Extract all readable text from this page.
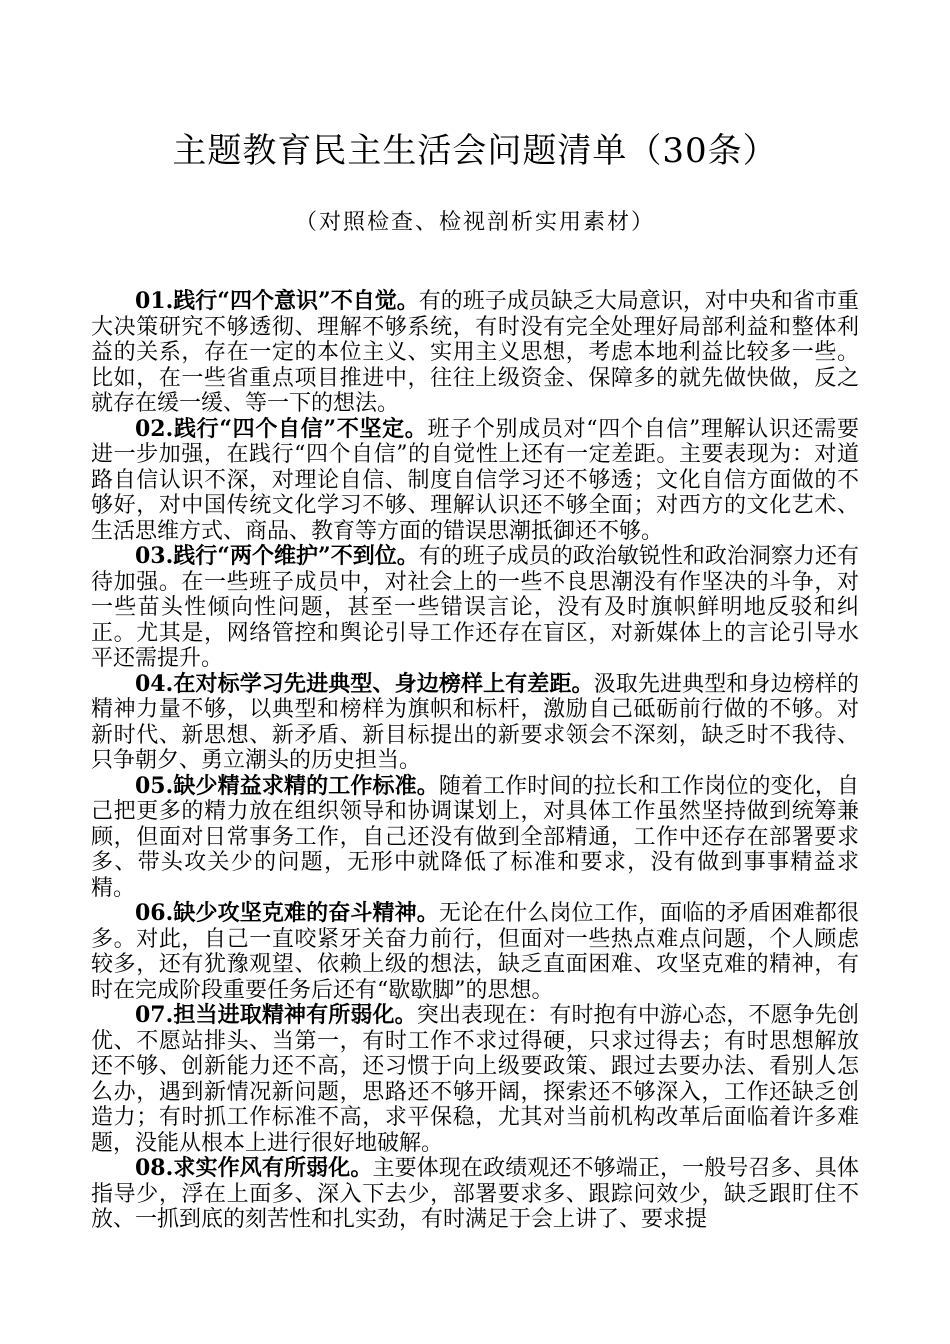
主题教育民主生活会问题清单（30条）
（对照检查、检视剖析实用素材）

01.践行“四个意识”不自觉。有的班子成员缺乏大局意识，对中央和省市重大决策研究不够透彻、理解不够系统，有时没有完全处理好局部利益和整体利益的关系，存在一定的本位主义、实用主义思想，考虑本地利益比较多一些。比如，在一些省重点项目推进中，往往上级资金、保障多的就先做快做，反之就存在缓一缓、等一下的想法。

02.践行“四个自信”不坚定。班子个别成员对“四个自信”理解认识还需要进一步加强，在践行“四个自信”的自觉性上还有一定差距。主要表现为：对道路自信认识不深，对理论自信、制度自信学习还不够透；文化自信方面做的不够好，对中国传统文化学习不够、理解认识还不够全面；对西方的文化艺术、生活思维方式、商品、教育等方面的错误思潮抵御还不够。

03.践行“两个维护”不到位。有的班子成员的政治敏锐性和政治洞察力还有待加强。在一些班子成员中，对社会上的一些不良思潮没有作坚决的斗争，对一些苗头性倾向性问题，甚至一些错误言论，没有及时旗帜鲜明地反驳和纠正。尤其是，网络管控和舆论引导工作还存在盲区，对新媒体上的言论引导水平还需提升。

04.在对标学习先进典型、身边榜样上有差距。汲取先进典型和身边榜样的精神力量不够，以典型和榜样为旗帜和标杆，激励自己砥砺前行做的不够。对新时代、新思想、新矛盾、新目标提出的新要求领会不深刻，缺乏时不我待、只争朝夕、勇立潮头的历史担当。

05.缺少精益求精的工作标准。随着工作时间的拉长和工作岗位的变化，自己把更多的精力放在组织领导和协调谋划上，对具体工作虽然坚持做到统筹兼顾，但面对日常事务工作，自己还没有做到全部精通，工作中还存在部署要求多、带头攻关少的问题，无形中就降低了标准和要求，没有做到事事精益求精。

06.缺少攻坚克难的奋斗精神。无论在什么岗位工作，面临的矛盾困难都很多。对此，自己一直咬紧牙关奋力前行，但面对一些热点难点问题，个人顾虑较多，还有犹豫观望、依赖上级的想法，缺乏直面困难、攻坚克难的精神，有时在完成阶段重要任务后还有“歇歇脚”的思想。

07.担当进取精神有所弱化。突出表现在：有时抱有中游心态，不愿争先创优、不愿站排头、当第一，有时工作不求过得硬，只求过得去；有时思想解放还不够、创新能力还不高，还习惯于向上级要政策、跟过去要办法、看别人怎么办，遇到新情况新问题，思路还不够开阔，探索还不够深入，工作还缺乏创造力；有时抓工作标准不高，求平保稳，尤其对当前机构改革后面临着许多难题，没能从根本上进行很好地破解。

08.求实作风有所弱化。主要体现在政绩观还不够端正，一般号召多、具体指导少，浮在上面多、深入下去少，部署要求多、跟踪问效少，缺乏跟盯住不放、一抓到底的刻苦性和扎实劲，有时满足于会上讲了、要求提
